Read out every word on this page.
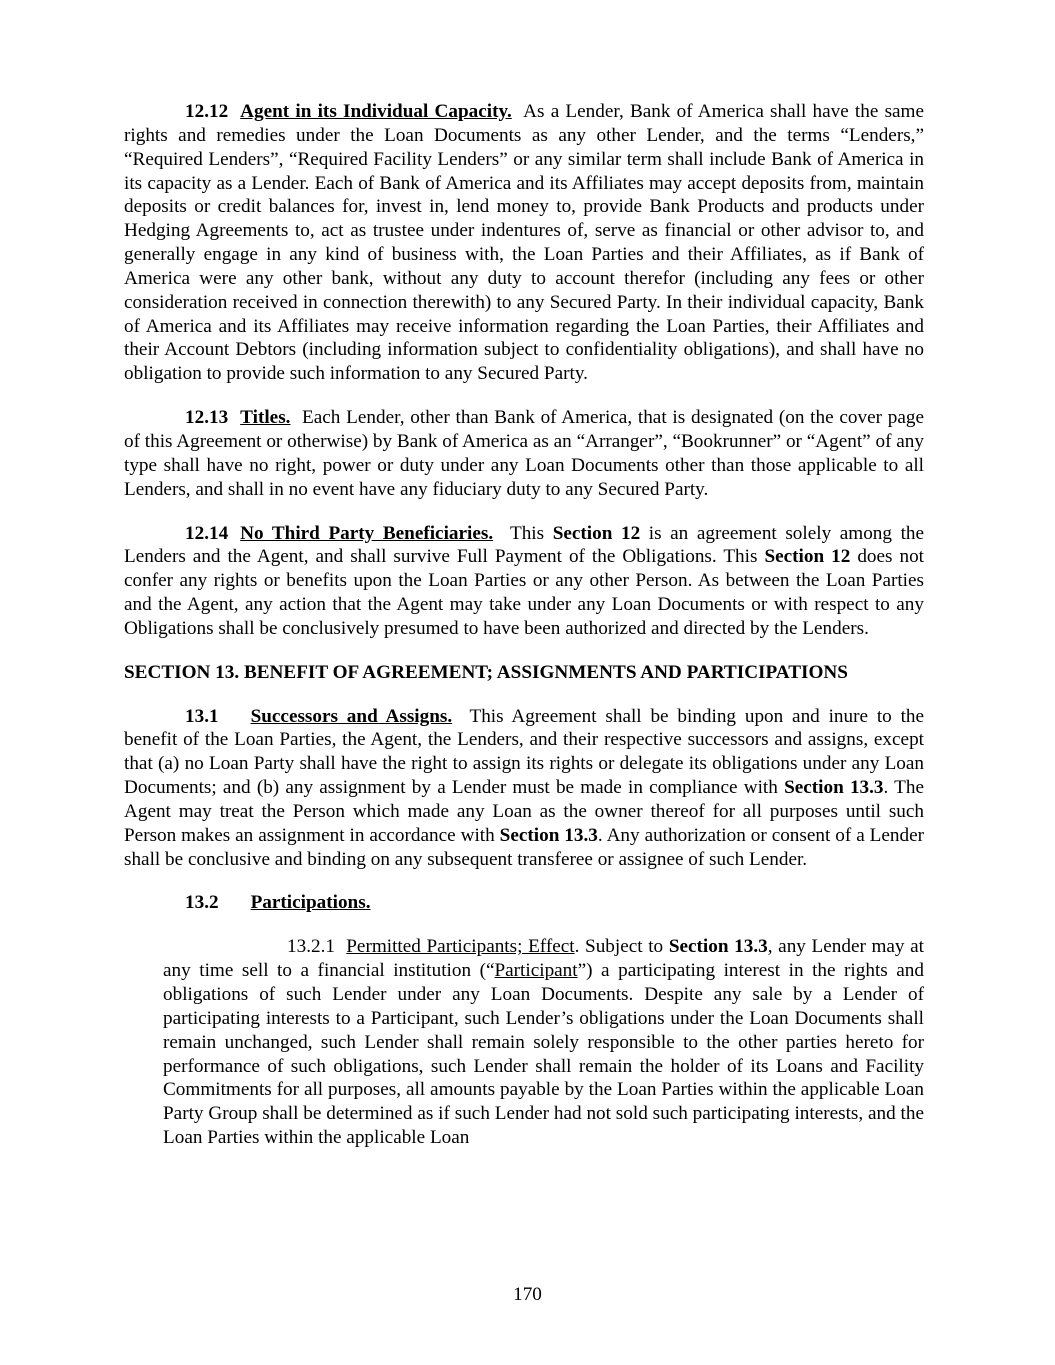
12.12 Agent in its Individual Capacity. As a Lender, Bank of America shall have the same rights and remedies under the Loan Documents as any other Lender, and the terms “Lenders,” “Required Lenders”, “Required Facility Lenders” or any similar term shall include Bank of America in its capacity as a Lender. Each of Bank of America and its Affiliates may accept deposits from, maintain deposits or credit balances for, invest in, lend money to, provide Bank Products and products under Hedging Agreements to, act as trustee under indentures of, serve as financial or other advisor to, and generally engage in any kind of business with, the Loan Parties and their Affiliates, as if Bank of America were any other bank, without any duty to account therefor (including any fees or other consideration received in connection therewith) to any Secured Party. In their individual capacity, Bank of America and its Affiliates may receive information regarding the Loan Parties, their Affiliates and their Account Debtors (including information subject to confidentiality obligations), and shall have no obligation to provide such information to any Secured Party.

12.13 Titles. Each Lender, other than Bank of America, that is designated (on the cover page of this Agreement or otherwise) by Bank of America as an “Arranger”, “Bookrunner” or “Agent” of any type shall have no right, power or duty under any Loan Documents other than those applicable to all Lenders, and shall in no event have any fiduciary duty to any Secured Party.

12.14 No Third Party Beneficiaries. This Section 12 is an agreement solely among the Lenders and the Agent, and shall survive Full Payment of the Obligations. This Section 12 does not confer any rights or benefits upon the Loan Parties or any other Person. As between the Loan Parties and the Agent, any action that the Agent may take under any Loan Documents or with respect to any Obligations shall be conclusively presumed to have been authorized and directed by the Lenders.

SECTION 13. BENEFIT OF AGREEMENT; ASSIGNMENTS AND PARTICIPATIONS

13.1 Successors and Assigns. This Agreement shall be binding upon and inure to the benefit of the Loan Parties, the Agent, the Lenders, and their respective successors and assigns, except that (a) no Loan Party shall have the right to assign its rights or delegate its obligations under any Loan Documents; and (b) any assignment by a Lender must be made in compliance with Section 13.3. The Agent may treat the Person which made any Loan as the owner thereof for all purposes until such Person makes an assignment in accordance with Section 13.3. Any authorization or consent of a Lender shall be conclusive and binding on any subsequent transferee or assignee of such Lender.

13.2 Participations.

13.2.1 Permitted Participants; Effect. Subject to Section 13.3, any Lender may at any time sell to a financial institution (“Participant”) a participating interest in the rights and obligations of such Lender under any Loan Documents. Despite any sale by a Lender of participating interests to a Participant, such Lender’s obligations under the Loan Documents shall remain unchanged, such Lender shall remain solely responsible to the other parties hereto for performance of such obligations, such Lender shall remain the holder of its Loans and Facility Commitments for all purposes, all amounts payable by the Loan Parties within the applicable Loan Party Group shall be determined as if such Lender had not sold such participating interests, and the Loan Parties within the applicable Loan

170
